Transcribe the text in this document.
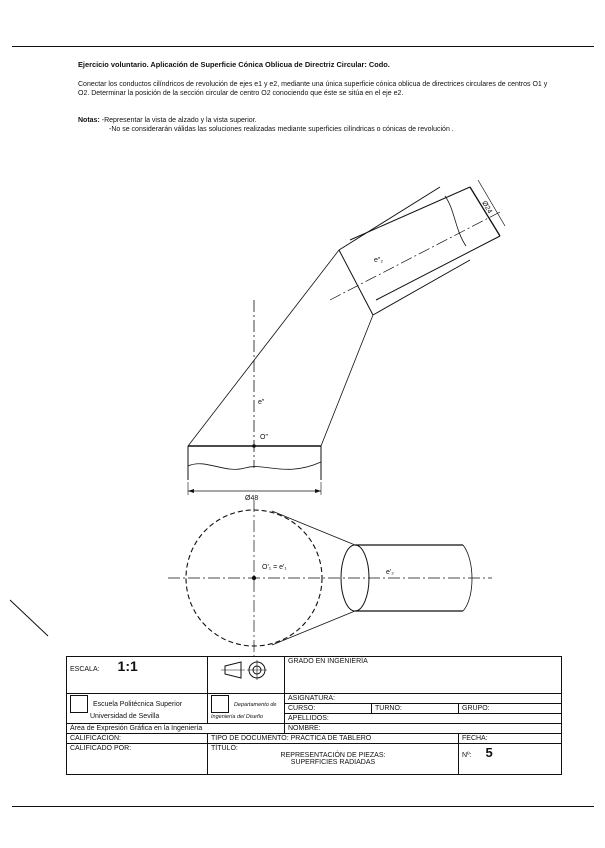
Ejercicio voluntario. Aplicación de Superficie Cónica Oblicua de Directriz Circular: Codo.

Conectar los conductos cilíndricos de revolución de ejes e1 y e2, mediante una única superficie cónica oblicua de directrices circulares de centros O1 y O2. Determinar la posición de la sección circular de centro O2 conociendo que éste se sitúa en el eje e2.

Notas: -Representar la vista de alzado y la vista superior.
-No se considerarán válidas las soluciones realizadas mediante superficies cilíndricas o cónicas de revolución .
Ø48
Ø24
e"
O"
e"₂
O'₁ = e'₁
e'₂
ESCALA: 1:1		GRADO EN INGENIERÍA		
Escuela Politécnica Superior
Universidad de Sevilla	Departamento de Ingeniería del Diseño	ASIGNATURA:		
		CURSO:	TURNO:	GRUPO:
		APELLIDOS:		
Área de Expresión Gráfica en la Ingeniería		NOMBRE:		
CALIFICACIÓN:	TIPO DE DOCUMENTO: PRÁCTICA DE TABLERO			FECHA:
CALIFICADO POR:	TÍTULO:
REPRESENTACIÓN DE PIEZAS:
SUPERFICIES RADIADAS			Nº: 5
